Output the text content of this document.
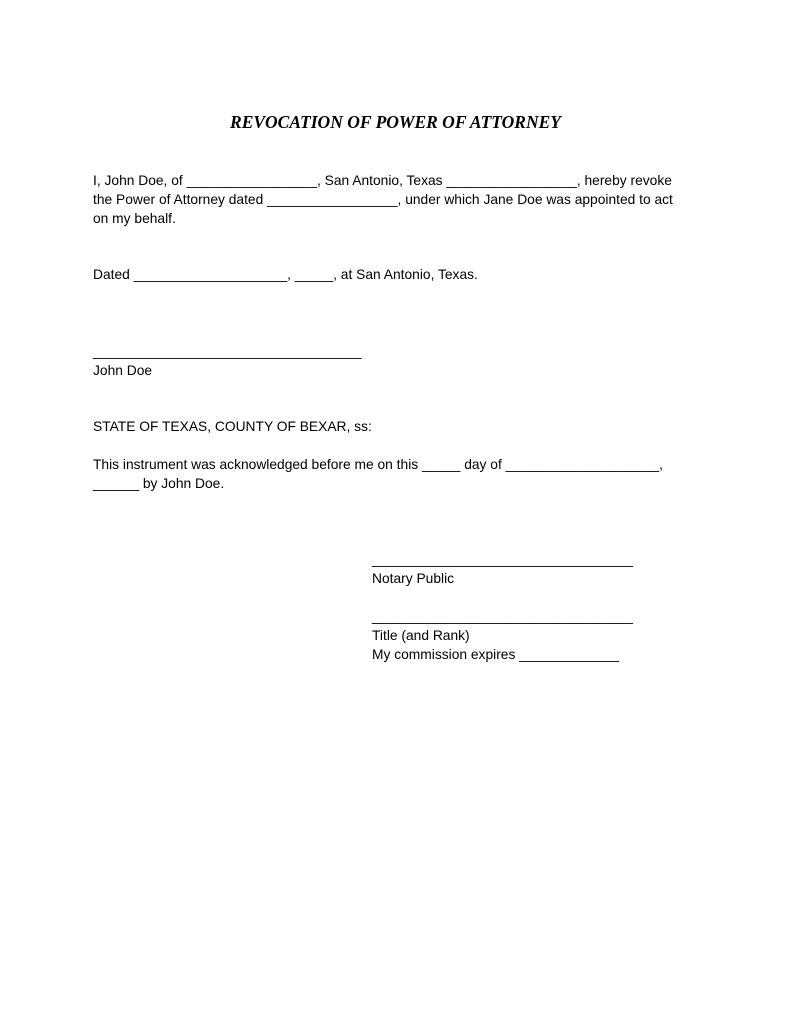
REVOCATION OF POWER OF ATTORNEY
I, John Doe, of _________________, San Antonio, Texas _________________, hereby revoke
the Power of Attorney dated _________________, under which Jane Doe was appointed to act
on my behalf.
Dated ____________________, _____, at San Antonio, Texas.
___________________________________
John Doe
STATE OF TEXAS, COUNTY OF BEXAR, ss:
This instrument was acknowledged before me on this _____ day of ____________________,
______ by John Doe.
__________________________________
Notary Public
__________________________________
Title (and Rank)
My commission expires _____________
